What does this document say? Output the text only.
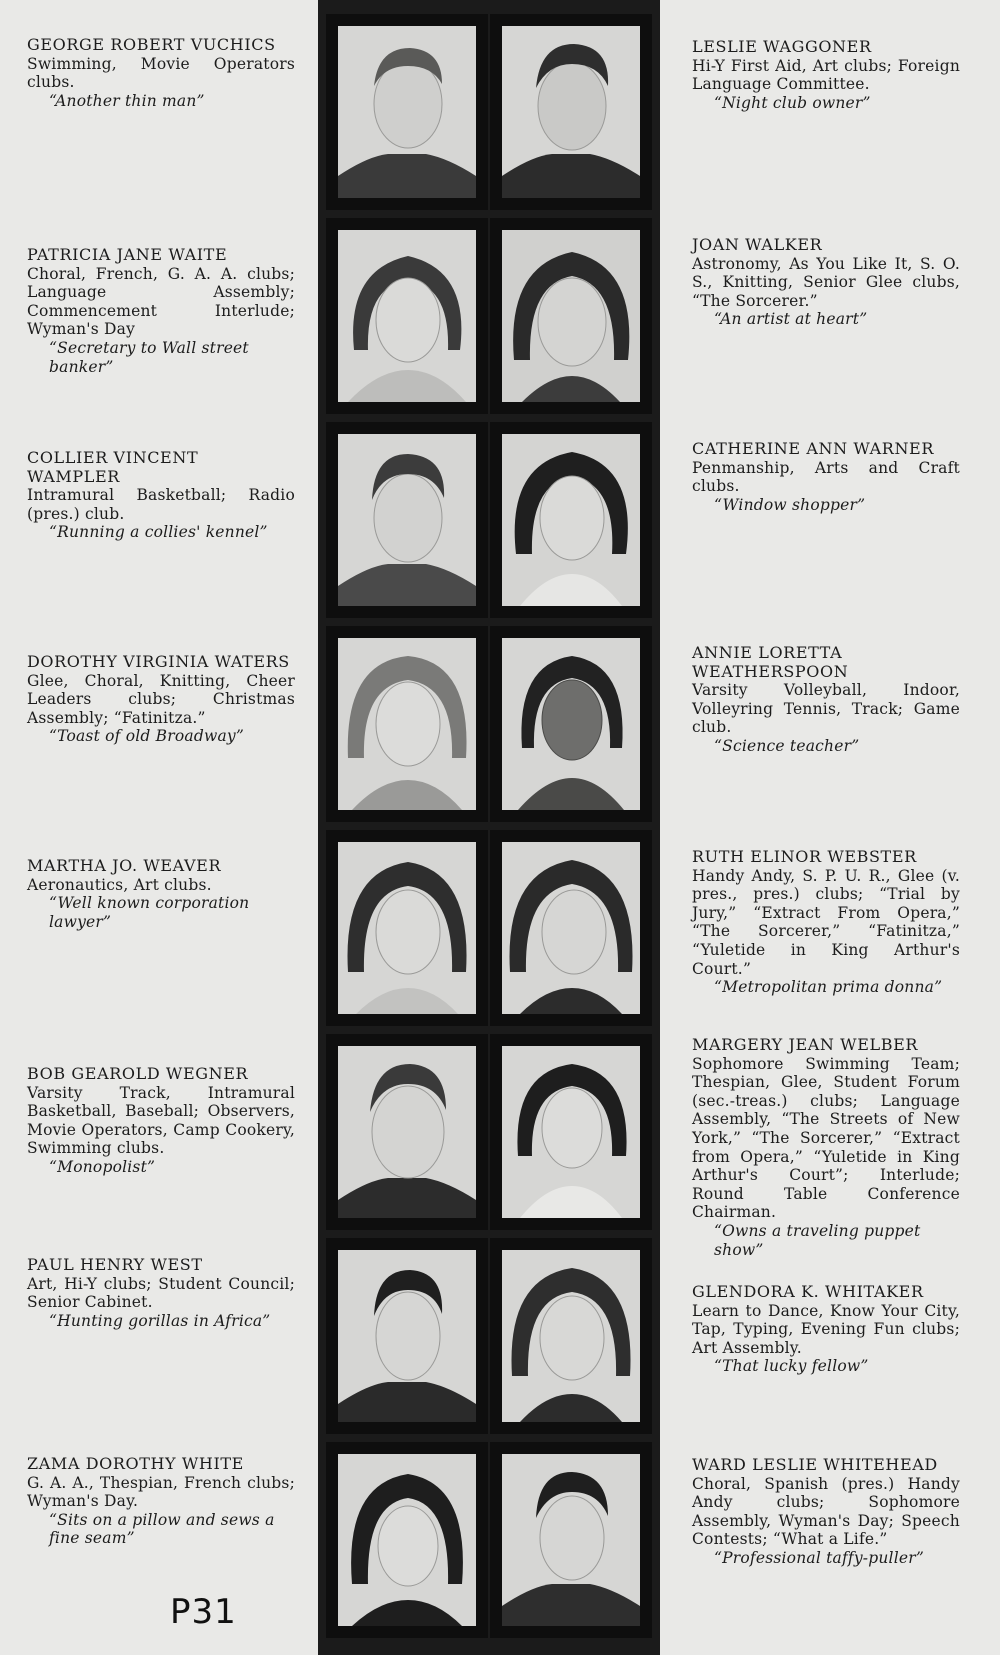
GEORGE ROBERT VUCHICS
Swimming, Movie Operators clubs.
“Another thin man”
PATRICIA JANE WAITE
Choral, French, G. A. A. clubs; Language Assembly; Commencement Interlude; Wyman's Day
“Secretary to Wall street banker”
COLLIER VINCENT WAMPLER
Intramural Basketball; Radio (pres.) club.
“Running a collies' kennel”
DOROTHY VIRGINIA WATERS
Glee, Choral, Knitting, Cheer Leaders clubs; Christmas Assembly; “Fatinitza.”
“Toast of old Broadway”
MARTHA JO. WEAVER
Aeronautics, Art clubs.
“Well known corporation lawyer”
BOB GEAROLD WEGNER
Varsity Track, Intramural Basketball, Baseball; Observers, Movie Operators, Camp Cookery, Swimming clubs.
“Monopolist”
PAUL HENRY WEST
Art, Hi-Y clubs; Student Council; Senior Cabinet.
“Hunting gorillas in Africa”
ZAMA DOROTHY WHITE
G. A. A., Thespian, French clubs; Wyman's Day.
“Sits on a pillow and sews a fine seam”
LESLIE WAGGONER
Hi-Y First Aid, Art clubs; Foreign Language Committee.
“Night club owner”
JOAN WALKER
Astronomy, As You Like It, S. O. S., Knitting, Senior Glee clubs, “The Sorcerer.”
“An artist at heart”
CATHERINE ANN WARNER
Penmanship, Arts and Craft clubs.
“Window shopper”
ANNIE LORETTA WEATHERSPOON
Varsity Volleyball, Indoor, Volleyring Tennis, Track; Game club.
“Science teacher”
RUTH ELINOR WEBSTER
Handy Andy, S. P. U. R., Glee (v. pres., pres.) clubs; “Trial by Jury,” “Extract From Opera,” “The Sorcerer,” “Fatinitza,” “Yuletide in King Arthur's Court.”
“Metropolitan prima donna”
MARGERY JEAN WELBER
Sophomore Swimming Team; Thespian, Glee, Student Forum (sec.-treas.) clubs; Language Assembly, “The Streets of New York,” “The Sorcerer,” “Extract from Opera,” “Yuletide in King Arthur's Court”; Interlude; Round Table Conference Chairman.
“Owns a traveling puppet show”
GLENDORA K. WHITAKER
Learn to Dance, Know Your City, Tap, Typing, Evening Fun clubs; Art Assembly.
“That lucky fellow”
WARD LESLIE WHITEHEAD
Choral, Spanish (pres.) Handy Andy clubs; Sophomore Assembly, Wyman's Day; Speech Contests; “What a Life.”
“Professional taffy-puller”
P31
